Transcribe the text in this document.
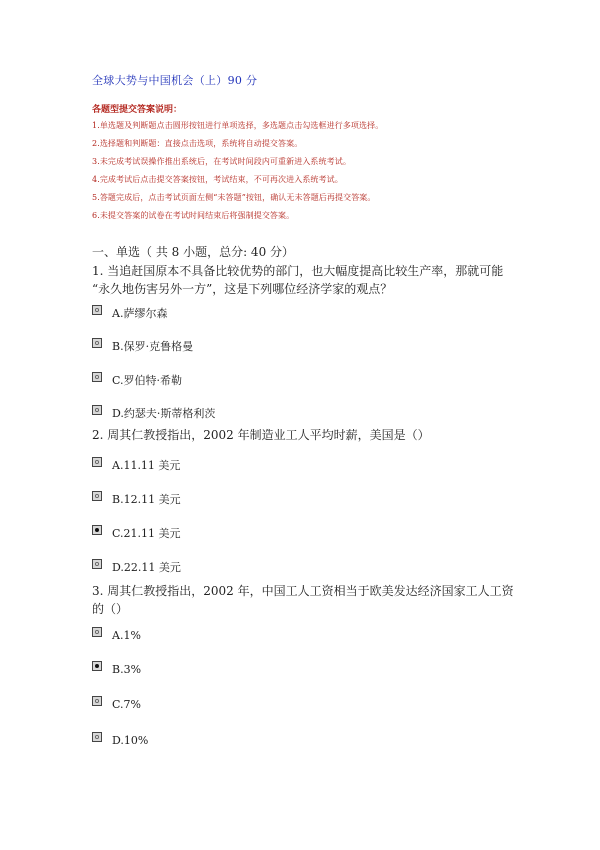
全球大势与中国机会（上）90 分
各题型提交答案说明：
1.单选题及判断题点击圆形按钮进行单项选择，多选题点击勾选框进行多项选择。
2.选择题和判断题：直接点击选项，系统将自动提交答案。
3.未完成考试误操作推出系统后，在考试时间段内可重新进入系统考试。
4.完成考试后点击提交答案按钮，考试结束，不可再次进入系统考试。
5.答题完成后，点击考试页面左侧“未答题”按钮，确认无未答题后再提交答案。
6.未提交答案的试卷在考试时间结束后将强制提交答案。
一、单选（ 共 8 小题，总分: 40 分）
1. 当追赶国原本不具备比较优势的部门，也大幅度提高比较生产率，那就可能
“永久地伤害另外一方”，这是下列哪位经济学家的观点？
A.萨缪尔森
B.保罗·克鲁格曼
C.罗伯特·希勒
D.约瑟夫·斯蒂格利茨
2. 周其仁教授指出，2002 年制造业工人平均时薪，美国是（）
A.11.11 美元
B.12.11 美元
C.21.11 美元
D.22.11 美元
3. 周其仁教授指出，2002 年，中国工人工资相当于欧美发达经济国家工人工资
的（）
A.1%
B.3%
C.7%
D.10%
